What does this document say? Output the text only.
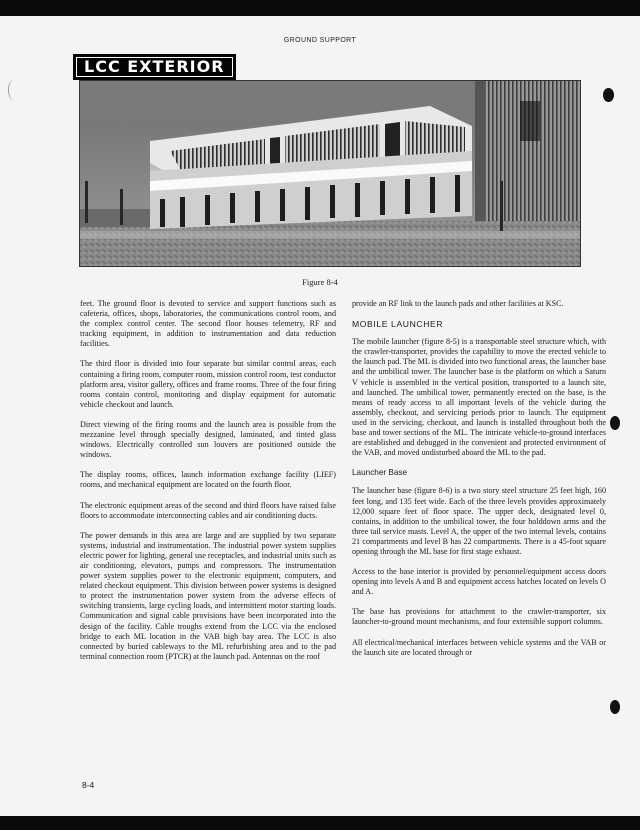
GROUND SUPPORT
LCC EXTERIOR
Figure 8-4

feet. The ground floor is devoted to service and support functions such as cafeteria, offices, shops, laboratories, the communications control room, and the complex control center. The second floor houses telemetry, RF and tracking equipment, in addition to instrumentation and data reduction facilities.

The third floor is divided into four separate but similar control areas, each containing a firing room, computer room, mission control room, test conductor platform area, visitor gallery, offices and frame rooms. Three of the four firing rooms contain control, monitoring and display equipment for automatic vehicle checkout and launch.

Direct viewing of the firing rooms and the launch area is possible from the mezzanine level through specially designed, laminated, and tinted glass windows. Electrically controlled sun louvers are positioned outside the windows.

The display rooms, offices, launch information exchange facility (LIEF) rooms, and mechanical equipment are located on the fourth floor.

The electronic equipment areas of the second and third floors have raised false floors to accommodate interconnecting cables and air conditioning ducts.

The power demands in this area are large and are supplied by two separate systems, industrial and instrumentation. The industrial power system supplies electric power for lighting, general use receptacles, and industrial units such as air conditioning, elevators, pumps and compressors. The instrumentation power system supplies power to the electronic equipment, computers, and related checkout equipment. This division between power systems is designed to protect the instrumentation power system from the adverse effects of switching transients, large cycling loads, and intermittent motor starting loads. Communication and signal cable provisions have been incorporated into the design of the facility. Cable troughs extend from the LCC via the enclosed bridge to each ML location in the VAB high bay area. The LCC is also connected by buried cableways to the ML refurbishing area and to the pad terminal connection room (PTCR) at the launch pad. Antennas on the roof

provide an RF link to the launch pads and other facilities at KSC.

MOBILE LAUNCHER

The mobile launcher (figure 8-5) is a transportable steel structure which, with the crawler-transporter, provides the capability to move the erected vehicle to the launch pad. The ML is divided into two functional areas, the launcher base and the umbilical tower. The launcher base is the platform on which a Saturn V vehicle is assembled in the vertical position, transported to a launch site, and launched. The umbilical tower, permanently erected on the base, is the means of ready access to all important levels of the vehicle during the assembly, checkout, and servicing periods prior to launch. The equipment used in the servicing, checkout, and launch is installed throughout both the base and tower sections of the ML. The intricate vehicle-to-ground interfaces are established and debugged in the convenient and protected environment of the VAB, and moved undisturbed aboard the ML to the pad.

Launcher Base

The launcher base (figure 8-6) is a two story steel structure 25 feet high, 160 feet long, and 135 feet wide. Each of the three levels provides approximately 12,000 square feet of floor space. The upper deck, designated level 0, contains, in addition to the umbilical tower, the four holddown arms and the three tail service masts. Level A, the upper of the two internal levels, contains 21 compartments and level B has 22 compartments. There is a 45-foot square opening through the ML base for first stage exhaust.

Access to the base interior is provided by personnel/equipment access doors opening into levels A and B and equipment access hatches located on levels O and A.

The base has provisions for attachment to the crawler-transporter, six launcher-to-ground mount mechanisms, and four extensible support columns.

All electrical/mechanical interfaces between vehicle systems and the VAB or the launch site are located through or

8-4
